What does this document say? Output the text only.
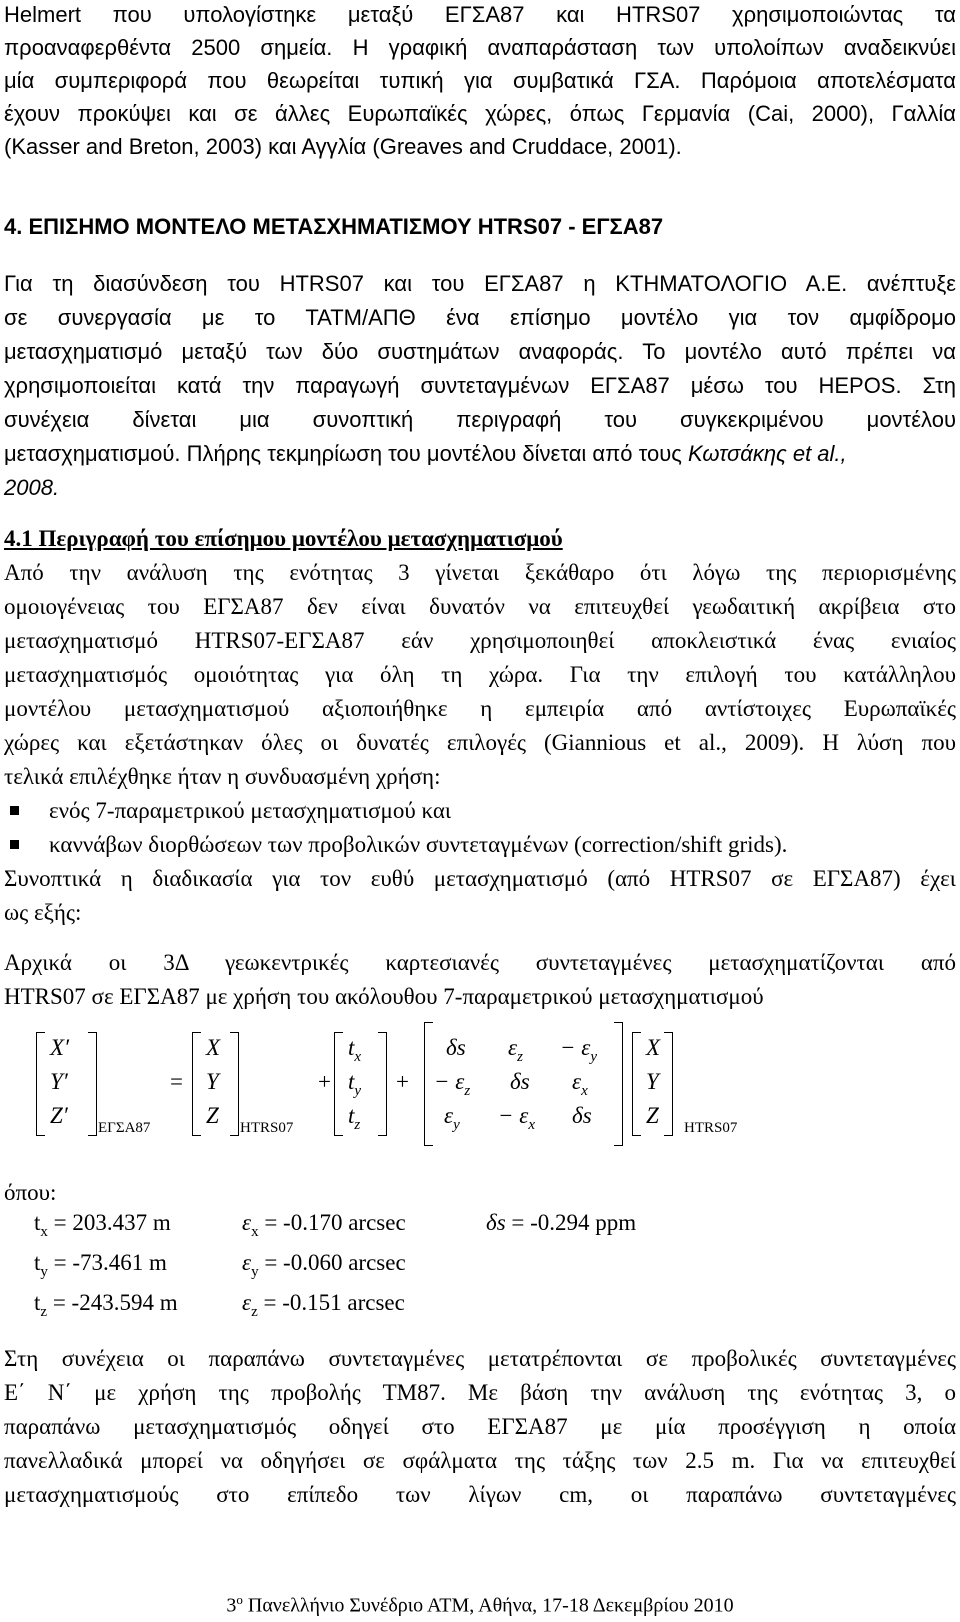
Helmert που υπολογίστηκε μεταξύ ΕΓΣΑ87 και HTRS07 χρησιμοποιώντας τα
προαναφερθέντα 2500 σημεία. Η γραφική αναπαράσταση των υπολοίπων αναδεικνύει
μία συμπεριφορά που θεωρείται τυπική για συμβατικά ΓΣΑ. Παρόμοια αποτελέσματα
έχουν προκύψει και σε άλλες Ευρωπαϊκές χώρες, όπως Γερμανία (Cai, 2000), Γαλλία
(Kasser and Breton, 2003) και Αγγλία (Greaves and Cruddace, 2001).
4. ΕΠΙΣΗΜΟ ΜΟΝΤΕΛΟ ΜΕΤΑΣΧΗΜΑΤΙΣΜΟΥ HTRS07 - ΕΓΣΑ87
Για τη διασύνδεση του HTRS07 και του ΕΓΣΑ87 η ΚΤΗΜΑΤΟΛΟΓΙΟ Α.Ε. ανέπτυξε
σε συνεργασία με το ΤΑΤΜ/ΑΠΘ ένα επίσημο μοντέλο για τον αμφίδρομο
μετασχηματισμό μεταξύ των δύο συστημάτων αναφοράς. Το μοντέλο αυτό πρέπει να
χρησιμοποιείται κατά την παραγωγή συντεταγμένων ΕΓΣΑ87 μέσω του HEPOS. Στη
συνέχεια δίνεται μια συνοπτική περιγραφή του συγκεκριμένου μοντέλου
μετασχηματισμού. Πλήρης τεκμηρίωση του μοντέλου δίνεται από τους Κωτσάκης et al.,
2008.
4.1 Περιγραφή του επίσημου μοντέλου μετασχηματισμού
Από την ανάλυση της ενότητας 3 γίνεται ξεκάθαρο ότι λόγω της περιορισμένης
ομοιογένειας του ΕΓΣΑ87 δεν είναι δυνατόν να επιτευχθεί γεωδαιτική ακρίβεια στο
μετασχηματισμό HTRS07-ΕΓΣΑ87 εάν χρησιμοποιηθεί αποκλειστικά ένας ενιαίος
μετασχηματισμός ομοιότητας για όλη τη χώρα. Για την επιλογή του κατάλληλου
μοντέλου μετασχηματισμού αξιοποιήθηκε η εμπειρία από αντίστοιχες Ευρωπαϊκές
χώρες και εξετάστηκαν όλες οι δυνατές επιλογές (Giannious et al., 2009). Η λύση που
τελικά επιλέχθηκε ήταν η συνδυασμένη χρήση:
ενός 7-παραμετρικού μετασχηματισμού και
καννάβων διορθώσεων των προβολικών συντεταγμένων (correction/shift grids).
Συνοπτικά η διαδικασία για τον ευθύ μετασχηματισμό (από HTRS07 σε ΕΓΣΑ87) έχει
ως εξής:
Αρχικά οι 3Δ γεωκεντρικές καρτεσιανές συντεταγμένες μετασχηματίζονται από
HTRS07 σε ΕΓΣΑ87 με χρήση του ακόλουθου 7-παραμετρικού μετασχηματισμού
X′
Y′
Z′ ΕΓΣΑ87
=
X
Y
Z HTRS07
+
$t_x$
$t_y$
$t_z$
+
δs $\varepsilon_z - \varepsilon_y$
− $\varepsilon_z$ δs $\varepsilon_x$
$\varepsilon_y - \varepsilon_x$ δs
X
Y
Z HTRS07
όπου:
$t_x = 203.437$ m
$t_y = -73.461$ m
$t_z = -243.594$ m
$\varepsilon_x = -0.170$ arcsec
$\varepsilon_y = -0.060$ arcsec
$\varepsilon_z = -0.151$ arcsec
δs = -0.294 ppm
Στη συνέχεια οι παραπάνω συντεταγμένες μετατρέπονται σε προβολικές συντεταγμένες
Ε΄ Ν΄ με χρήση της προβολής ΤΜ87. Με βάση την ανάλυση της ενότητας 3, ο
παραπάνω μετασχηματισμός οδηγεί στο ΕΓΣΑ87 με μία προσέγγιση η οποία
πανελλαδικά μπορεί να οδηγήσει σε σφάλματα της τάξης των 2.5 m. Για να επιτευχθεί
μετασχηματισμούς στο επίπεδο των λίγων cm, οι παραπάνω συντεταγμένες
$3^o$ Πανελλήνιο Συνέδριο ΑΤΜ, Αθήνα, 17-18 Δεκεμβρίου 2010
